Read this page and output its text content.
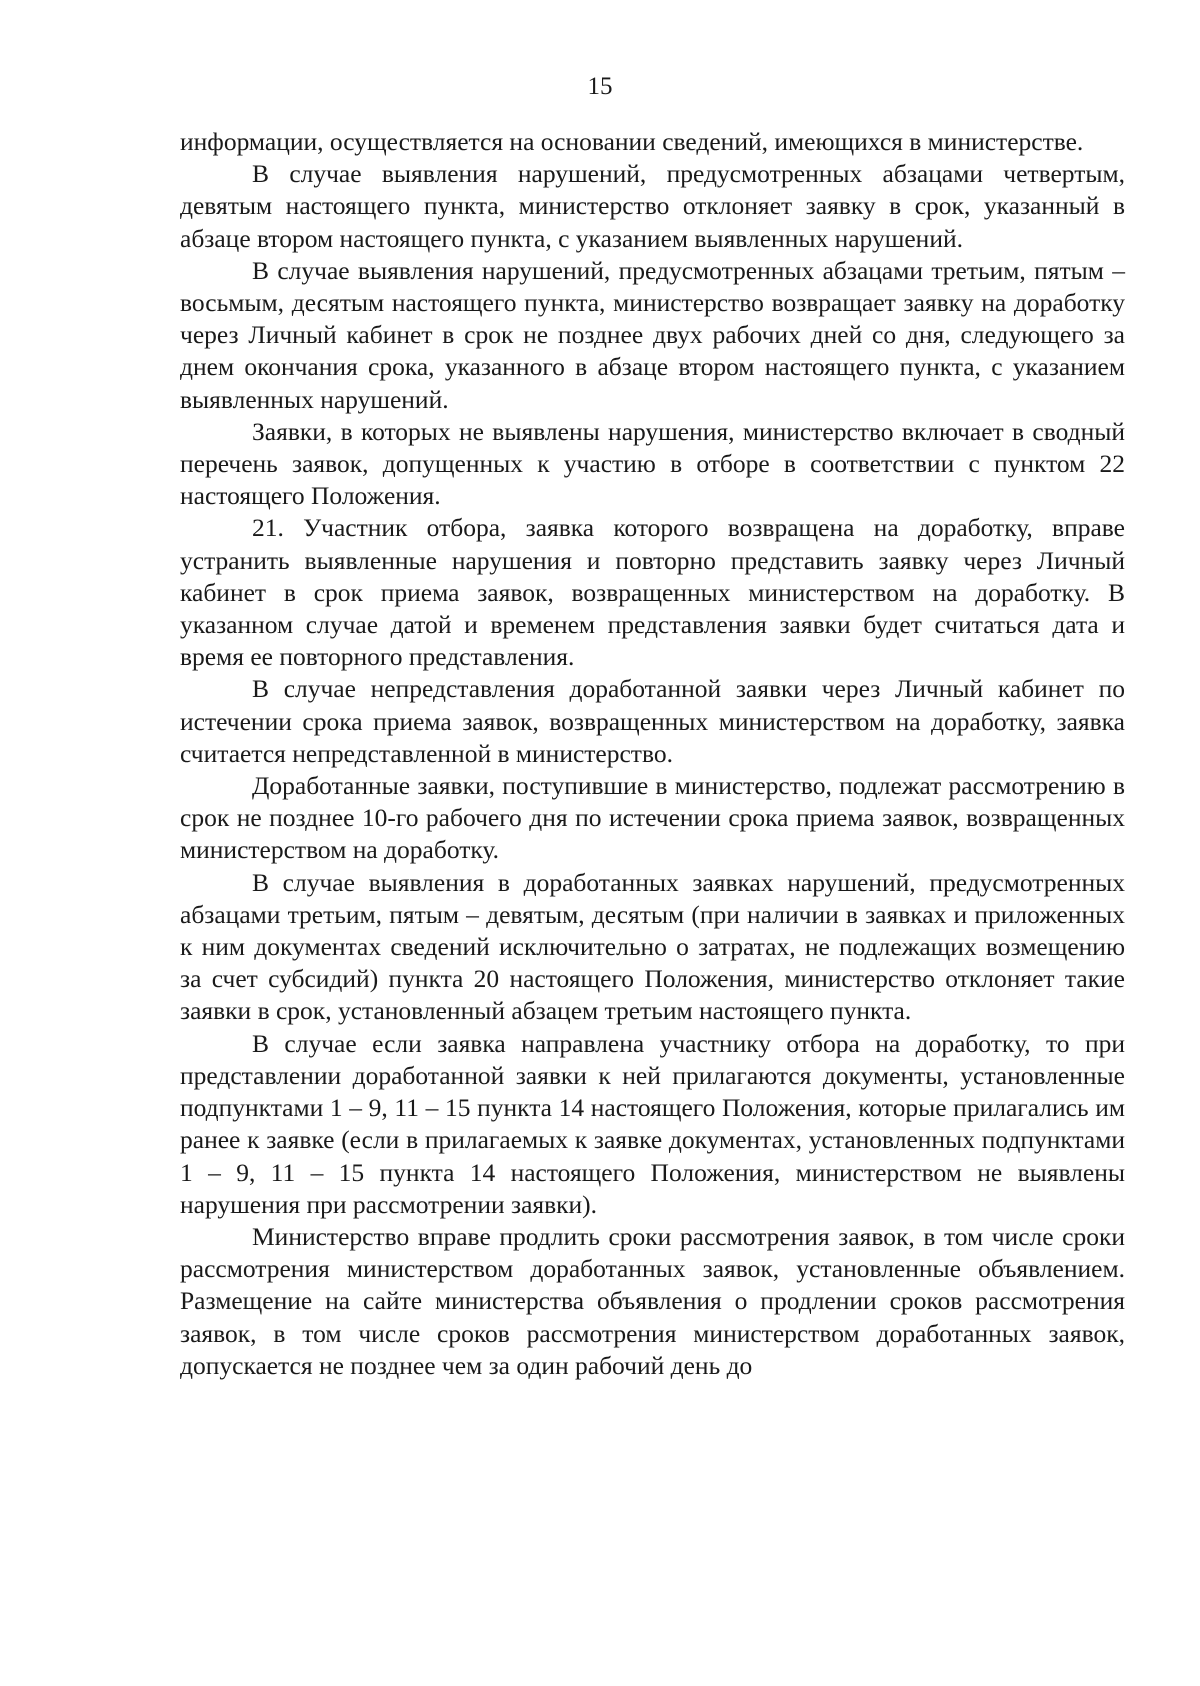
15

информации, осуществляется на основании сведений, имеющихся в министерстве.

В случае выявления нарушений, предусмотренных абзацами четвертым, девятым настоящего пункта, министерство отклоняет заявку в срок, указанный в абзаце втором настоящего пункта, с указанием выявленных нарушений.

В случае выявления нарушений, предусмотренных абзацами третьим, пятым – восьмым, десятым настоящего пункта, министерство возвращает заявку на доработку через Личный кабинет в срок не позднее двух рабочих дней со дня, следующего за днем окончания срока, указанного в абзаце втором настоящего пункта, с указанием выявленных нарушений.

Заявки, в которых не выявлены нарушения, министерство включает в сводный перечень заявок, допущенных к участию в отборе в соответствии с пунктом 22 настоящего Положения.

21. Участник отбора, заявка которого возвращена на доработку, вправе устранить выявленные нарушения и повторно представить заявку через Личный кабинет в срок приема заявок, возвращенных министерством на доработку. В указанном случае датой и временем представления заявки будет считаться дата и время ее повторного представления.

В случае непредставления доработанной заявки через Личный кабинет по истечении срока приема заявок, возвращенных министерством на доработку, заявка считается непредставленной в министерство.

Доработанные заявки, поступившие в министерство, подлежат рассмотрению в срок не позднее 10-го рабочего дня по истечении срока приема заявок, возвращенных министерством на доработку.

В случае выявления в доработанных заявках нарушений, предусмотренных абзацами третьим, пятым – девятым, десятым (при наличии в заявках и приложенных к ним документах сведений исключительно о затратах, не подлежащих возмещению за счет субсидий) пункта 20 настоящего Положения, министерство отклоняет такие заявки в срок, установленный абзацем третьим настоящего пункта.

В случае если заявка направлена участнику отбора на доработку, то при представлении доработанной заявки к ней прилагаются документы, установленные подпунктами 1 – 9, 11 – 15 пункта 14 настоящего Положения, которые прилагались им ранее к заявке (если в прилагаемых к заявке документах, установленных подпунктами 1 – 9, 11 – 15 пункта 14 настоящего Положения, министерством не выявлены нарушения при рассмотрении заявки).

Министерство вправе продлить сроки рассмотрения заявок, в том числе сроки рассмотрения министерством доработанных заявок, установленные объявлением. Размещение на сайте министерства объявления о продлении сроков рассмотрения заявок, в том числе сроков рассмотрения министерством доработанных заявок, допускается не позднее чем за один рабочий день до
